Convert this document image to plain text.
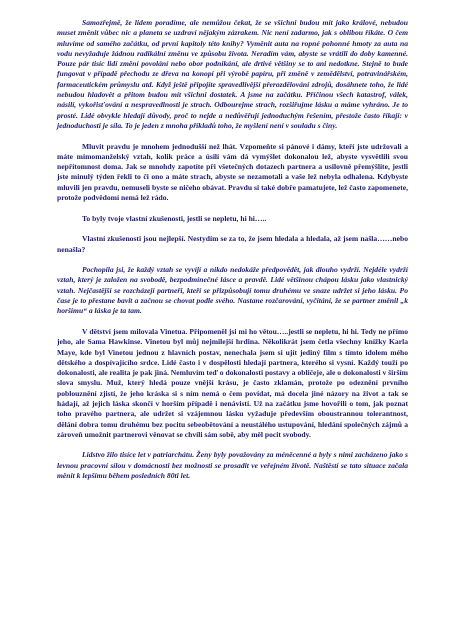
Samozřejmě, že lidem poradíme, ale nemůžou čekat, že se všichni budou mít jako králové, nebudou muset změnit vůbec nic a planeta se uzdraví nějakým zázrakem. Nic není zadarmo, jak s oblibou říkáte. O čem mluvíme od samého začátku, od první kapitoly této knihy? Vyměnit auta na ropné pohonné hmoty za auta na vodu nevyžaduje žádnou radikální změnu ve způsobu života. Neradím vám, abyste se vrátili do doby kamenné. Pouze pár tisíc lidí změní povolání nebo obor podnikání, ale drtivé většiny se to ani nedotkne. Stejně to bude fungovat v případě přechodu ze dřeva na konopí při výrobě papíru, při změně v zemědělství, potravinářském, farmaceutickém průmyslu atd. Když ještě připojíte spravedlivější přerozdělování zdrojů, dosáhnete toho, že lidé nebudou hladovět a přitom budou mít všichni dostatek. A jsme na začátku. Příčinou všech katastrof, válek, násilí, vykořisťování a nespravedlnosti je strach. Odbourejme strach, rozšiřujme lásku a máme vyhráno. Je to prosté. Lidé obvykle hledají důvody, proč to nejde a nedůvěřují jednoduchým řešením, přestože často říkají: v jednoduchosti je síla. To je jeden z mnoha příkladů toho, že myšlení není v souladu s činy.

Mluvit pravdu je mnohem jednodušší než lhát. Vzpomeňte si pánové i dámy, kteří jste udržovali a máte mimomanželský vztah, kolik práce a úsilí vám dá vymýšlet dokonalou lež, abyste vysvětlili svou nepřítomnost doma. Jak se mnohdy zapotíte při všetečných dotazech partnera a usilovně přemýšlíte, jestli jste minulý týden řekli to či ono a máte strach, abyste se nezamotali a vaše lež nebyla odhalena. Kdybyste mluvili jen pravdu, nemuseli byste se ničeho obávat. Pravdu si také dobře pamatujete, lež často zapomenete, protože podvědomí nemá lež rádo.

To byly tvoje vlastní zkušenosti, jestli se nepletu, hi hi…..

Vlastní zkušenosti jsou nejlepší. Nestydím se za to, že jsem hledala a hledala, až jsem našla……nebo nenašla?

Pochopila jsi, že každý vztah se vyvíjí a nikdo nedokáže předpovědět, jak dlouho vydrží. Nejdéle vydrží vztah, který je založen na svobodě, bezpodmínečné lásce a pravdě. Lidé většinou chápou lásku jako vlastnický vztah. Nejčastější se rozcházejí partneři, kteří se přizpůsobují tomu druhému ve snaze udržet si jeho lásku. Po čase je to přestane bavit a začnou se chovat podle svého. Nastane rozčarování, vyčítání, že se partner změnil „k horšímu“ a láska je ta tam.

V dětství jsem milovala Vinetua. Připomeněl jsi mi ho větou…..jestli se nepletu, hi hi. Tedy ne přímo jeho, ale Sama Hawkinse. Vinetou byl můj nejmilejší hrdina. Několikrát jsem četla všechny knížky Karla Maye, kde byl Vinetou jednou z hlavních postav, nenechala jsem si ujít jediný film s tímto idolem mého dětského a dospívajícího srdce. Lidé často i v dospělosti hledají partnera, kterého si vysní. Každý touží po dokonalosti, ale realita je pak jiná. Nemluvím teď o dokonalosti postavy a obličeje, ale o dokonalosti v širším slova smyslu. Muž, který hledá pouze vnější krásu, je často zklamán, protože po odeznění prvního poblouznění zjistí, že jeho kráska si s ním nemá o čem povídat, má docela jiné názory na život a tak se hádají, až jejich láska skončí v horším případě i nenávistí. Už na začátku jsme hovořili o tom, jak poznat toho pravého partnera, ale udržet si vzájemnou lásku vyžaduje především oboustrannou tolerantnost, dělání dobra tomu druhému bez pocitu sebeobětování a neustálého ustupování, hledání společných zájmů a zároveň umožnit partnerovi věnovat se chvíli sám sobě, aby měl pocit svobody.

Lidstvo žilo tisíce let v patriarchátu. Ženy byly považovány za méněcenné a byly s nimi zacházeno jako s levnou pracovní sílou v domácnosti bez možnosti se prosadit ve veřejném životě. Naštěstí se tato situace začala měnit k lepšímu během posledních 80ti let.
